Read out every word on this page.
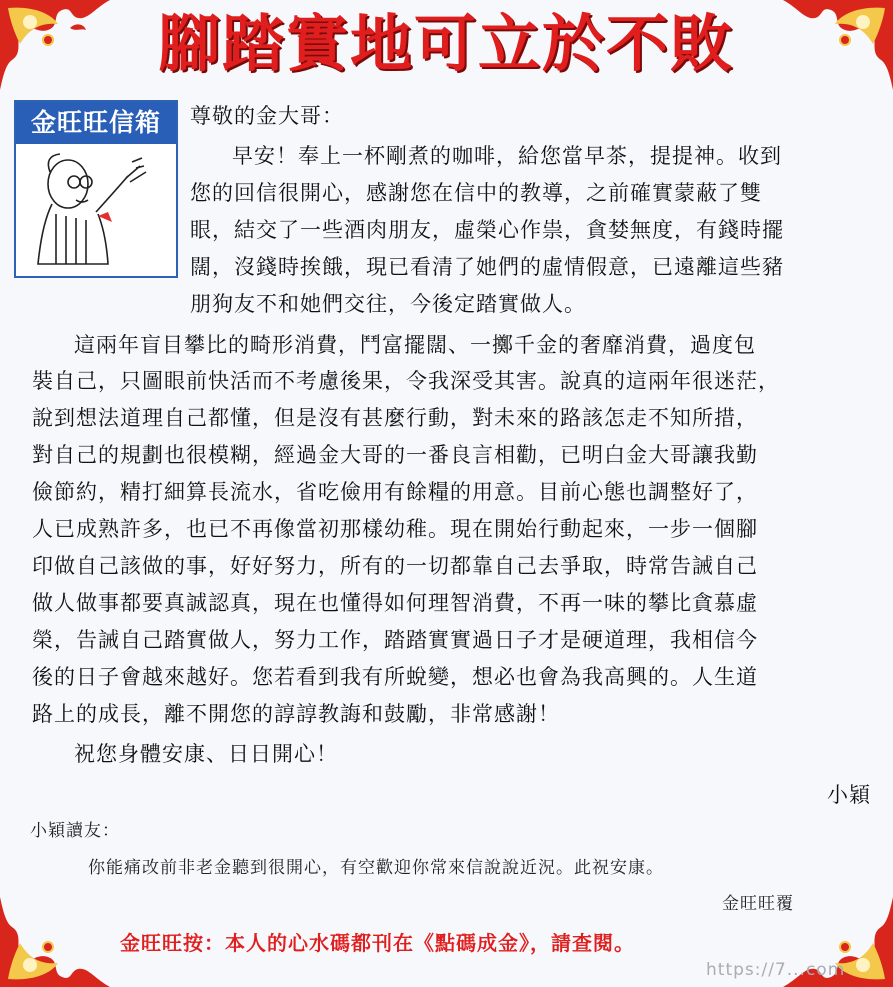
腳踏實地可立於不敗
金旺旺信箱	尊敬的金大哥：
早安！奉上一杯剛煮的咖啡，給您當早茶，提提神。收到
您的回信很開心，感謝您在信中的教導，之前確實蒙蔽了雙
眼，結交了一些酒肉朋友，虛榮心作祟，貪婪無度，有錢時擺
闊，沒錢時挨餓，現已看清了她們的虛情假意，已遠離這些豬
朋狗友不和她們交往，今後定踏實做人。
這兩年盲目攀比的畸形消費，鬥富擺闊、一擲千金的奢靡消費，過度包
裝自己，只圖眼前快活而不考慮後果，令我深受其害。說真的這兩年很迷茫，
說到想法道理自己都懂，但是沒有甚麼行動，對未來的路該怎走不知所措，
對自己的規劃也很模糊，經過金大哥的一番良言相勸，已明白金大哥讓我勤
儉節約，精打細算長流水，省吃儉用有餘糧的用意。目前心態也調整好了，
人已成熟許多，也已不再像當初那樣幼稚。現在開始行動起來，一步一個腳
印做自己該做的事，好好努力，所有的一切都靠自己去爭取，時常告誡自己
做人做事都要真誠認真，現在也懂得如何理智消費，不再一味的攀比貪慕虛
榮，告誡自己踏實做人，努力工作，踏踏實實過日子才是硬道理，我相信今
後的日子會越來越好。您若看到我有所蛻變，想必也會為我高興的。人生道
路上的成長，離不開您的諄諄教誨和鼓勵，非常感謝！
祝您身體安康、日日開心！
小穎
小穎讀友：
你能痛改前非老金聽到很開心，有空歡迎你常來信說說近況。此祝安康。
金旺旺覆
金旺旺按：本人的心水碼都刊在《點碼成金》，請查閱。
https://7...com
